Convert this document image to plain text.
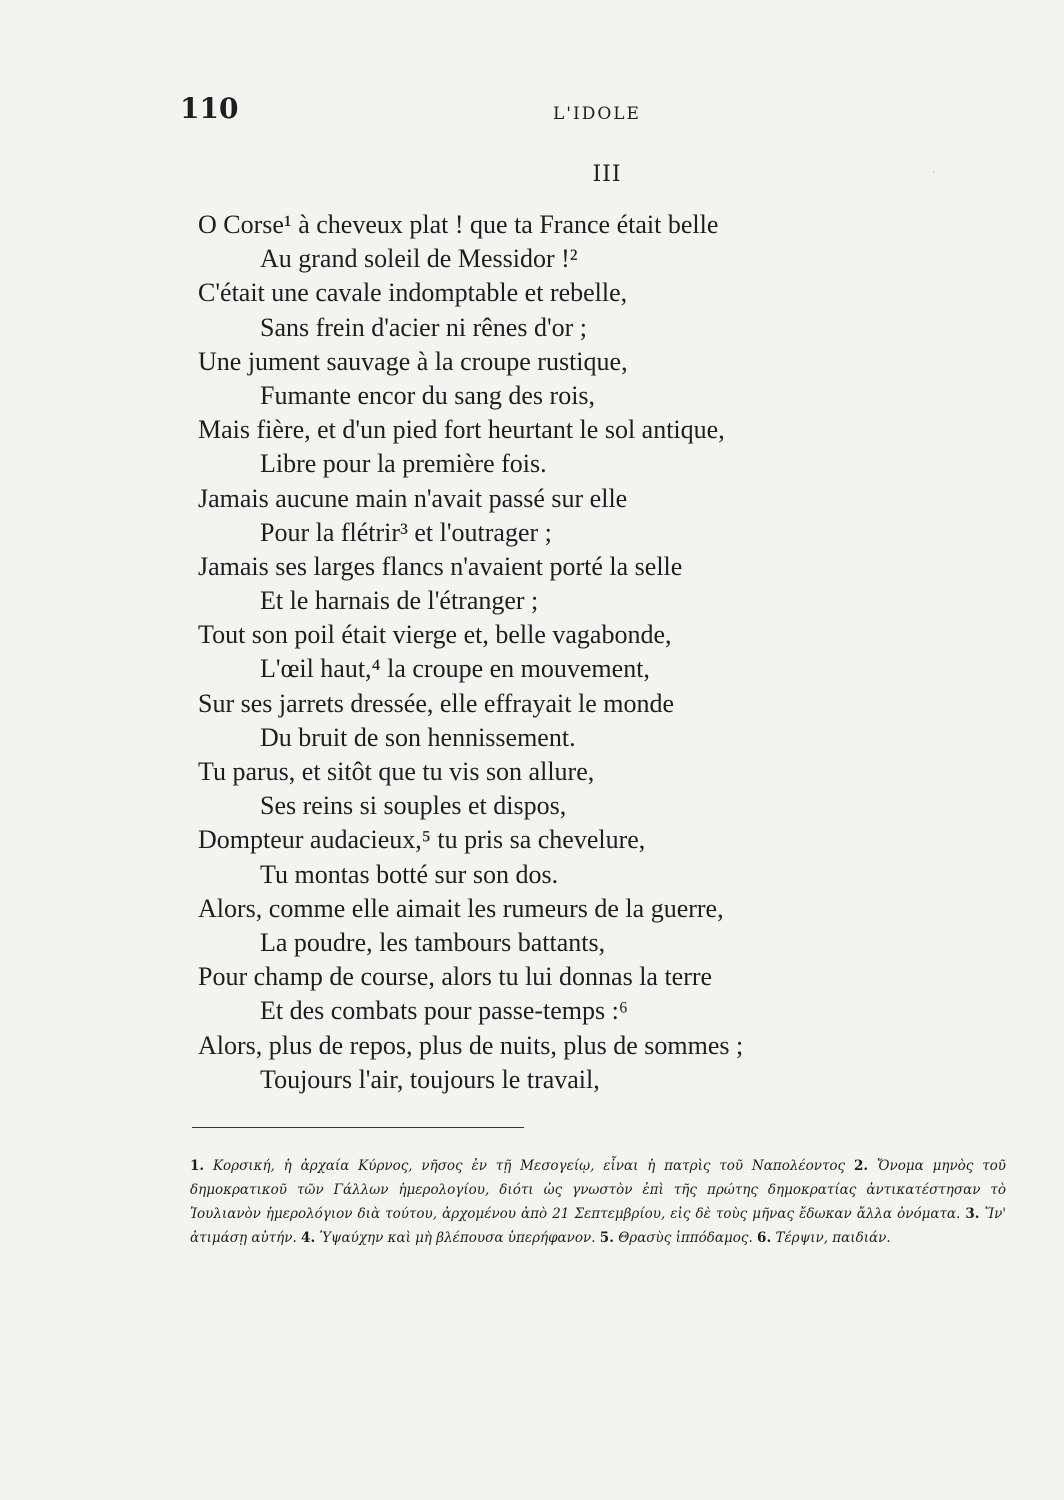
·
110	L'IDOLE
III
O Corse¹ à cheveux plat ! que ta France était belle
Au grand soleil de Messidor !²
C'était une cavale indomptable et rebelle,
Sans frein d'acier ni rênes d'or ;
Une jument sauvage à la croupe rustique,
Fumante encor du sang des rois,
Mais fière, et d'un pied fort heurtant le sol antique,
Libre pour la première fois.
Jamais aucune main n'avait passé sur elle
Pour la flétrir³ et l'outrager ;
Jamais ses larges flancs n'avaient porté la selle
Et le harnais de l'étranger ;
Tout son poil était vierge et, belle vagabonde,
L'œil haut,⁴ la croupe en mouvement,
Sur ses jarrets dressée, elle effrayait le monde
Du bruit de son hennissement.
Tu parus, et sitôt que tu vis son allure,
Ses reins si souples et dispos,
Dompteur audacieux,⁵ tu pris sa chevelure,
Tu montas botté sur son dos.
Alors, comme elle aimait les rumeurs de la guerre,
La poudre, les tambours battants,
Pour champ de course, alors tu lui donnas la terre
Et des combats pour passe-temps :⁶
Alors, plus de repos, plus de nuits, plus de sommes ;
Toujours l'air, toujours le travail,
1. Κορσική, ἡ ἀρχαία Κύρνος, νῆσος ἐν τῇ Μεσογείῳ, εἶναι ἡ πατρὶς τοῦ Ναπολέοντος 2. Ὄνομα μηνὸς τοῦ δημοκρατικοῦ τῶν Γάλλων ἡμερολογίου, διότι ὡς γνωστὸν ἐπὶ τῆς πρώτης δημοκρατίας ἀντικατέστησαν τὸ Ἰουλιανὸν ἡμερολόγιον διὰ τούτου, ἀρχομένου ἀπὸ 21 Σεπτεμβρίου, εἰς δὲ τοὺς μῆνας ἔδωκαν ἄλλα ὀνόματα. 3. Ἵν' ἀτιμάσῃ αὐτήν. 4. Ὑψαύχην καὶ μὴ βλέπουσα ὑπερήφανον. 5. Θρασὺς ἱππόδαμος. 6. Τέρψιν, παιδιάν.
